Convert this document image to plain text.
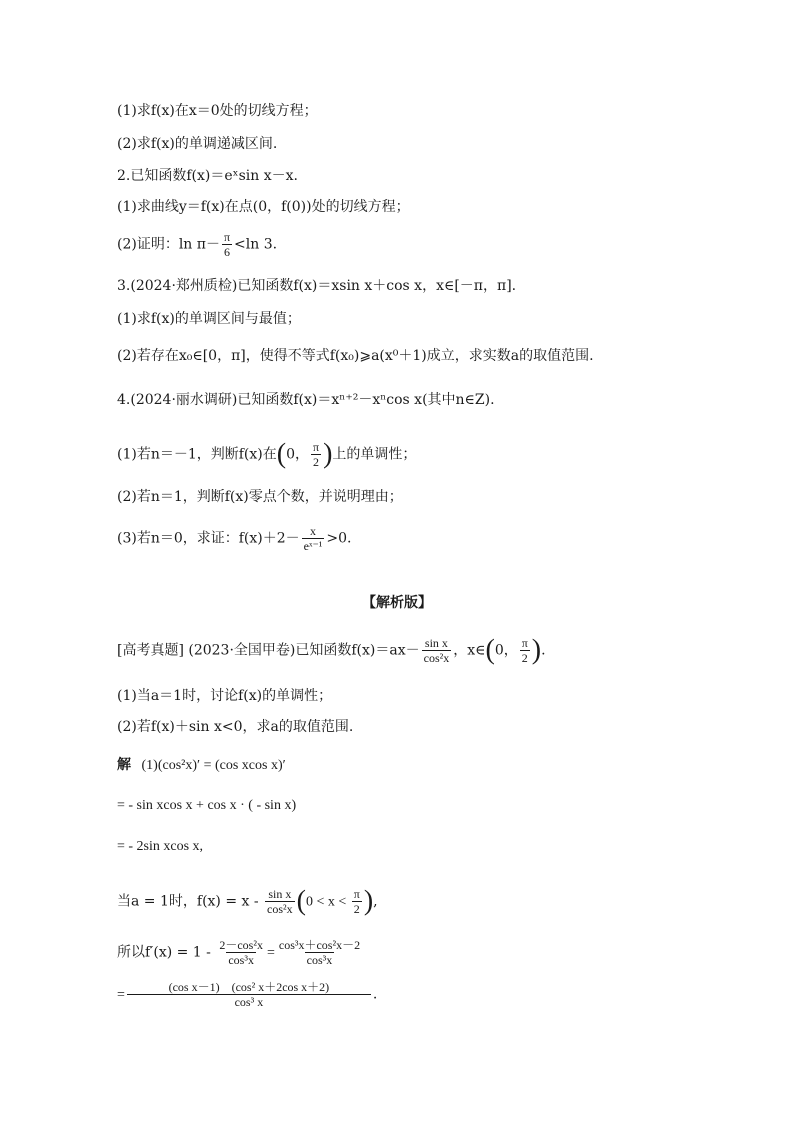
(1)求f(x)在x＝0处的切线方程；
(2)求f(x)的单调递减区间.
2.已知函数f(x)＝eˣsin x－x.
(1)求曲线y＝f(x)在点(0，f(0))处的切线方程；
(2)证明：$\ln \pi- \frac{\pi}{6} <\ln$ 3.
3.(2024·郑州质检)已知函数f(x)＝xsin x＋cos x，x∈[－π，π].
(1)求f(x)的单调区间与最值；
(2)若存在x₀∈[0，π]，使得不等式f(x₀)⩾a(x⁰＋1)成立，求实数a的取值范围.
4.(2024·丽水调研)已知函数f(x)＝xⁿ⁺²－xⁿcos x(其中n∈Z).
(1)若n＝－1，判断f(x)在(0， $\frac{\pi}{2}$ )上的单调性；
(2)若n＝1，判断f(x)零点个数，并说明理由；
(3)若n＝0，求证：$f(x)+2- \frac{x}{\text{eˣ⁻¹}} >0$.
【解析版】
[高考真题] (2023·全国甲卷)已知函数$f(x)=ax- \frac{\text{sin x}}{\text{cos²x}}$ ，x∈(0， $\frac{\pi}{2}$ ).
(1)当a＝1时，讨论f(x)的单调性；
(2)若f(x)＋sin x<0，求a的取值范围.
解 (1)(cos²x)′ = (cos xcos x)′
= - sin xcos x + cos x · ( - sin x)
= - 2sin xcos x,
当a = 1时，$f(x) = x - \frac{\text{sin x}}{\text{cos²x}} (0 < x < \frac{\pi}{2}$ ),
所以$f'(x) = 1 - \frac{\text{2－cos²x}}{\text{cos³x}} = \frac{\text{cos³x＋cos²x－2}}{\text{cos³x}}$
= $\frac{\text{(cos x－1)    (cos² x＋2cos x＋2)}}{\text{cos³ x}}$ .
